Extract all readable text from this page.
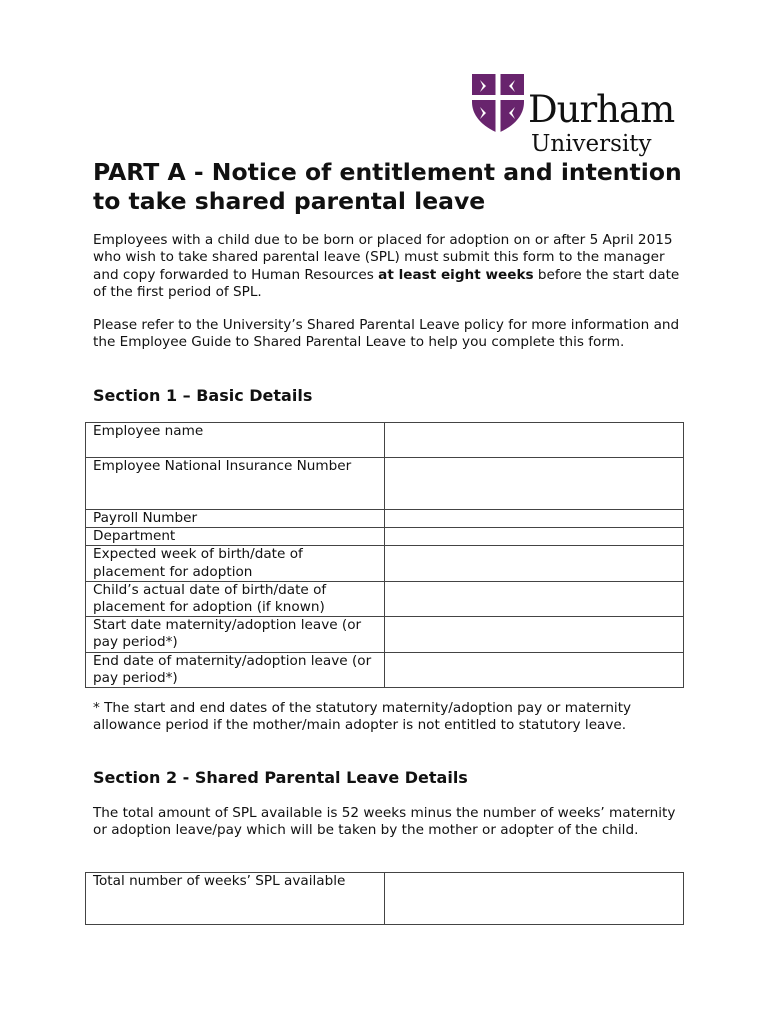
Durham
University
PART A - Notice of entitlement and intention to take shared parental leave

Employees with a child due to be born or placed for adoption on or after 5 April 2015 who wish to take shared parental leave (SPL) must submit this form to the manager and copy forwarded to Human Resources at least eight weeks before the start date of the first period of SPL.

Please refer to the University’s Shared Parental Leave policy for more information and the Employee Guide to Shared Parental Leave to help you complete this form.

Section 1 – Basic Details
Employee name	
Employee National Insurance Number	
Payroll Number	
Department	
Expected week of birth/date of placement for adoption	
Child’s actual date of birth/date of placement for adoption (if known)	
Start date maternity/adoption leave (or pay period*)	
End date of maternity/adoption leave (or pay period*)	

* The start and end dates of the statutory maternity/adoption pay or maternity allowance period if the mother/main adopter is not entitled to statutory leave.

Section 2 - Shared Parental Leave Details

The total amount of SPL available is 52 weeks minus the number of weeks’ maternity or adoption leave/pay which will be taken by the mother or adopter of the child.

Total number of weeks’ SPL available	
